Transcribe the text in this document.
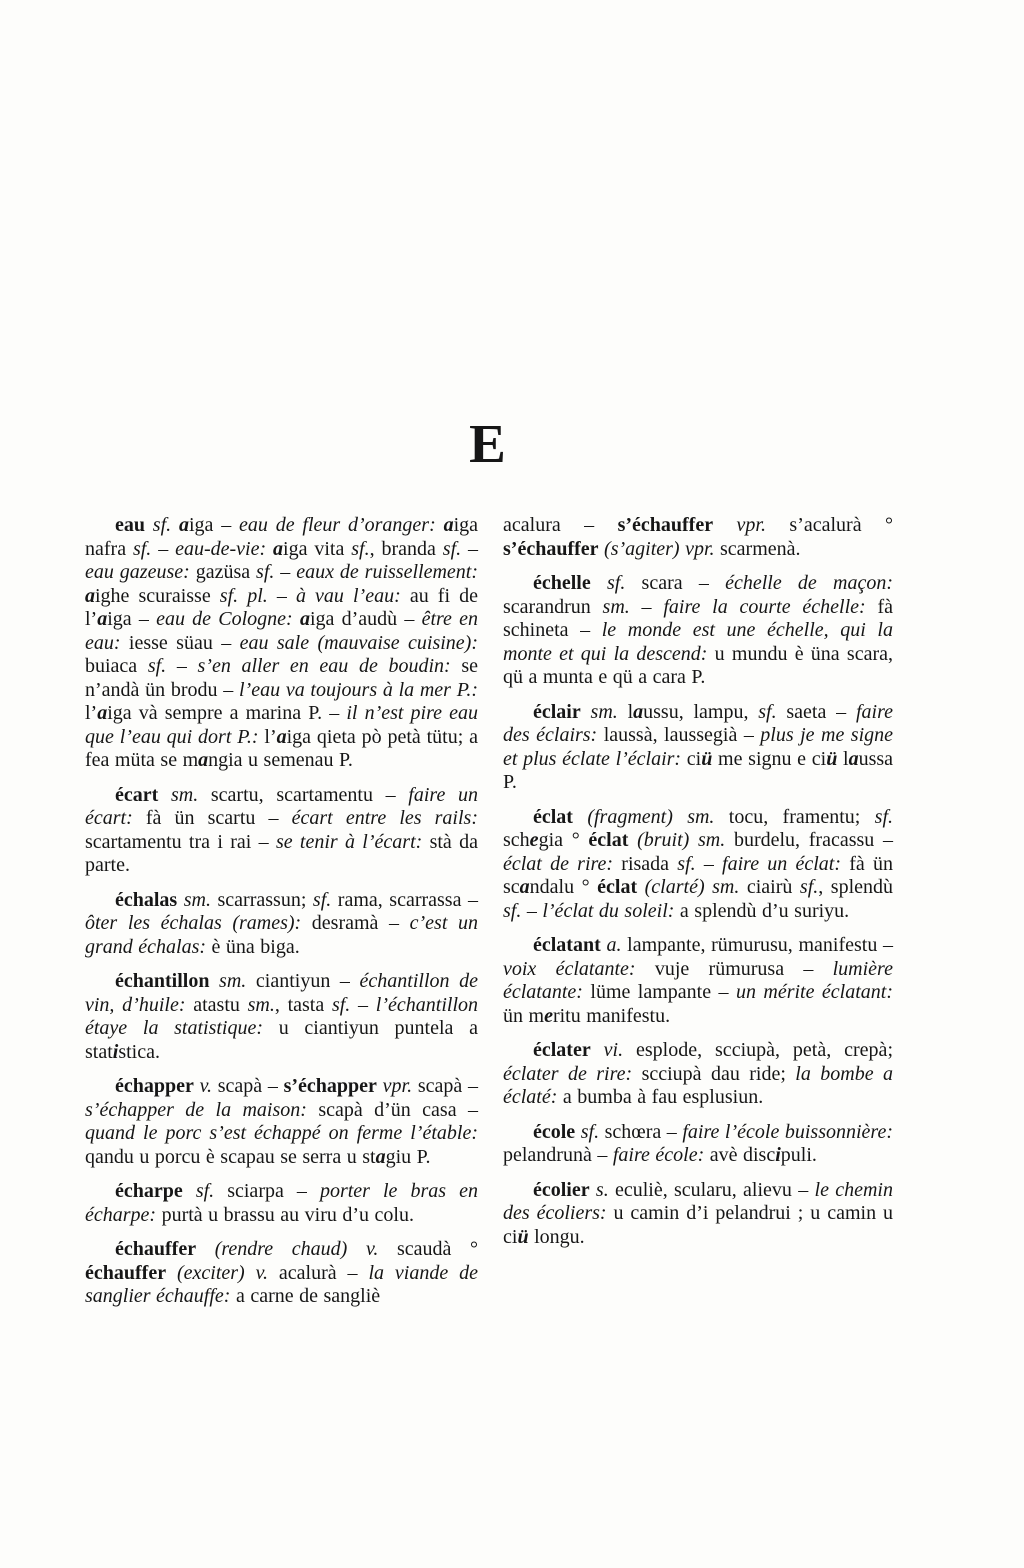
E

eau sf. aiga – eau de fleur d’oranger: aiga nafra sf. – eau-de-vie: aiga vita sf., branda sf. – eau gazeuse: gazüsa sf. – eaux de ruissellement: aighe scuraisse sf. pl. – à vau l’eau: au fi de l’aiga – eau de Cologne: aiga d’audù – être en eau: iesse süau – eau sale (mauvaise cuisine): buiaca sf. – s’en aller en eau de boudin: se n’andà ün brodu – l’eau va toujours à la mer P.: l’aiga và sempre a marina P. – il n’est pire eau que l’eau qui dort P.: l’aiga qieta pò petà tütu; a fea müta se mangia u semenau P.

écart sm. scartu, scartamentu – faire un écart: fà ün scartu – écart entre les rails: scartamentu tra i rai – se tenir à l’écart: stà da parte.

échalas sm. scarrassun; sf. rama, scarrassa – ôter les échalas (rames): desramà – c’est un grand échalas: è üna biga.

échantillon sm. ciantiyun – échantillon de vin, d’huile: atastu sm., tasta sf. – l’échantillon étaye la statistique: u ciantiyun puntela a statistica.

échapper v. scapà – s’échapper vpr. scapà – s’échapper de la maison: scapà d’ün casa – quand le porc s’est échappé on ferme l’étable: qandu u porcu è scapau se serra u stagiu P.

écharpe sf. sciarpa – porter le bras en écharpe: purtà u brassu au viru d’u colu.

échauffer (rendre chaud) v. scaudà ° échauffer (exciter) v. acalurà – la viande de sanglier échauffe: a carne de sangliè

acalura – s’échauffer vpr. s’acalurà ° s’échauffer (s’agiter) vpr. scarmenà.

échelle sf. scara – échelle de maçon: scarandrun sm. – faire la courte échelle: fà schineta – le monde est une échelle, qui la monte et qui la descend: u mundu è üna scara, qü a munta e qü a cara P.

éclair sm. laussu, lampu, sf. saeta – faire des éclairs: laussà, laussegià – plus je me signe et plus éclate l’éclair: ciü me signu e ciü laussa P.

éclat (fragment) sm. tocu, framentu; sf. schegia ° éclat (bruit) sm. burdelu, fracassu – éclat de rire: risada sf. – faire un éclat: fà ün scandalu ° éclat (clarté) sm. ciairù sf., splendù sf. – l’éclat du soleil: a splendù d’u suriyu.

éclatant a. lampante, rümurusu, manifestu – voix éclatante: vuje rümurusa – lumière éclatante: lüme lampante – un mérite éclatant: ün meritu manifestu.

éclater vi. esplode, scciupà, petà, crepà; éclater de rire: scciupà dau ride; la bombe a éclaté: a bumba à fau esplusiun.

école sf. schœra – faire l’école buissonnière: pelandrunà – faire école: avè discipuli.

écolier s. eculiè, scularu, alievu – le chemin des écoliers: u camin d’i pelandrui ; u camin u ciü longu.
